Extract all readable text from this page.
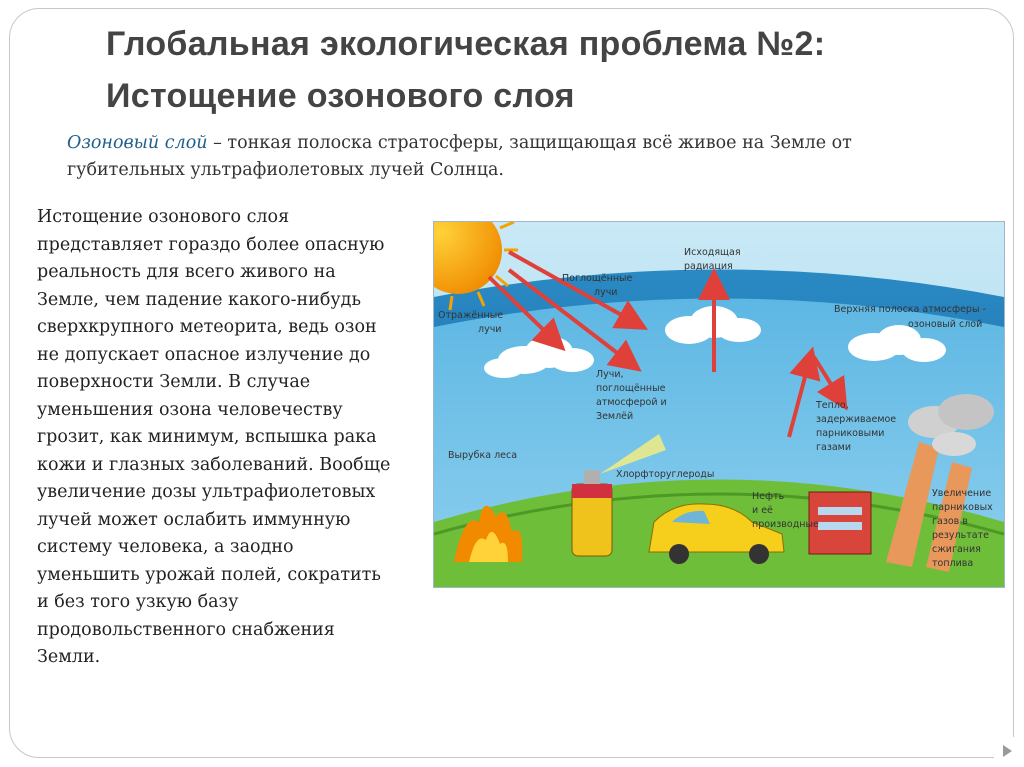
Глобальная экологическая проблема №2:
Истощение озонового слоя

Озоновый слой – тонкая полоска стратосферы, защищающая всё живое на Земле от губительных ультрафиолетовых лучей Солнца.

Истощение озонового слоя
представляет гораздо более опасную
реальность для всего живого на
Земле, чем падение какого-нибудь
сверхкрупного метеорита, ведь озон
не допускает опасное излучение до
поверхности Земли. В случае
уменьшения озона человечеству
грозит, как минимум, вспышка рака
кожи и глазных заболеваний. Вообще
увеличение дозы ультрафиолетовых
лучей может ослабить иммунную
систему человека, а заодно
уменьшить урожай полей, сократить
и без того узкую базу
продовольственного снабжения
Земли.
Отражённые
лучи
Поглощённые
лучи
Исходящая
радиация
Верхняя полоска атмосферы -
озоновый слой
Лучи,
поглощённые
атмосферой и
Землёй
Тепло,
задерживаемое
парниковыми
газами
Вырубка леса
Хлорфторуглероды
Нефть
и её
производные
Увеличение
парниковых
газов в
результате
сжигания
топлива
